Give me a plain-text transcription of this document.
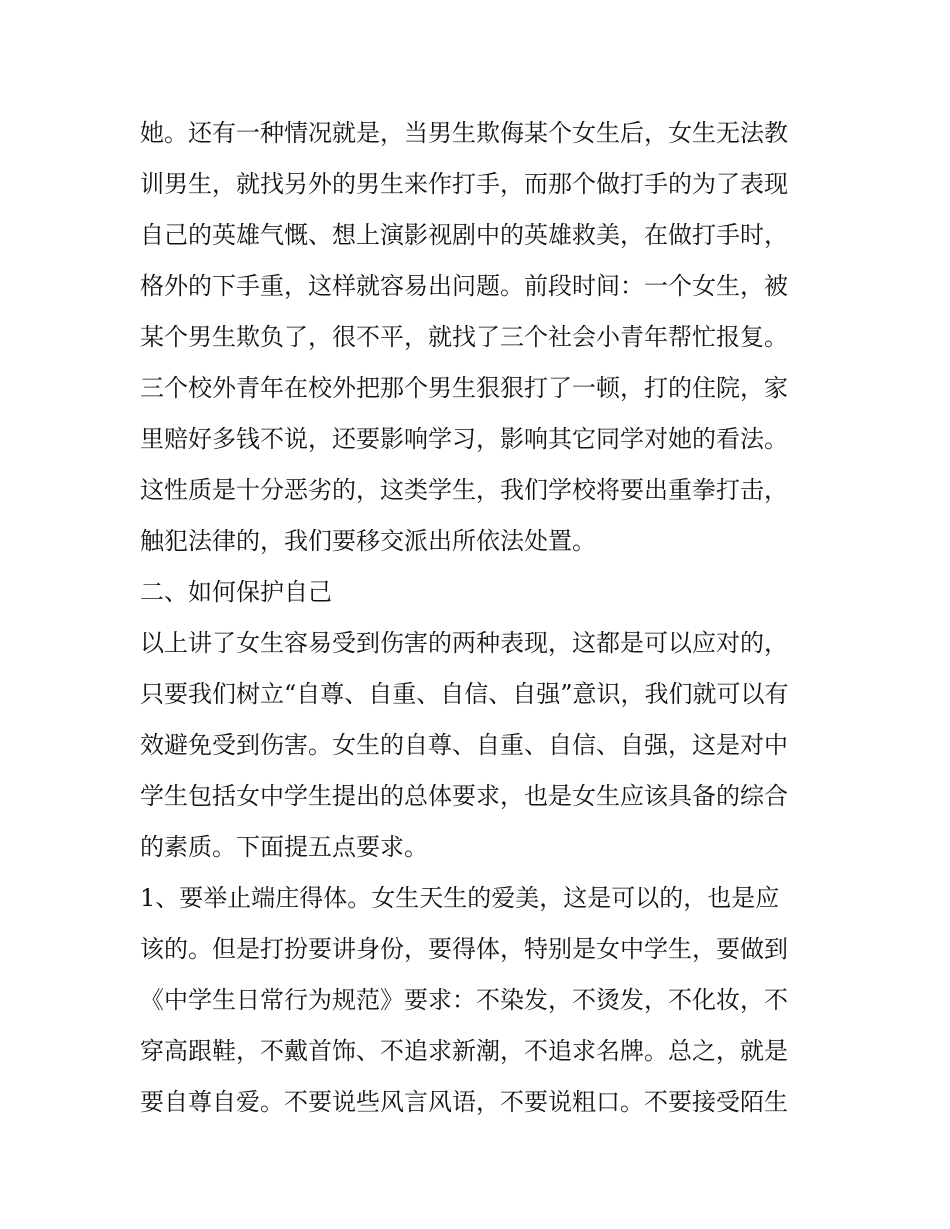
她。还有一种情况就是，当男生欺侮某个女生后，女生无法教
训男生，就找另外的男生来作打手，而那个做打手的为了表现
自己的英雄气慨、想上演影视剧中的英雄救美，在做打手时，
格外的下手重，这样就容易出问题。前段时间：一个女生，被
某个男生欺负了，很不平，就找了三个社会小青年帮忙报复。
三个校外青年在校外把那个男生狠狠打了一顿，打的住院，家
里赔好多钱不说，还要影响学习，影响其它同学对她的看法。
这性质是十分恶劣的，这类学生，我们学校将要出重拳打击，
触犯法律的，我们要移交派出所依法处置。
二、如何保护自己
以上讲了女生容易受到伤害的两种表现，这都是可以应对的，
只要我们树立“自尊、自重、自信、自强”意识，我们就可以有
效避免受到伤害。女生的自尊、自重、自信、自强，这是对中
学生包括女中学生提出的总体要求，也是女生应该具备的综合
的素质。下面提五点要求。
1、要举止端庄得体。女生天生的爱美，这是可以的，也是应
该的。但是打扮要讲身份，要得体，特别是女中学生，要做到
《中学生日常行为规范》要求：不染发，不烫发，不化妆，不
穿高跟鞋，不戴首饰、不追求新潮，不追求名牌。总之，就是
要自尊自爱。不要说些风言风语，不要说粗口。不要接受陌生
